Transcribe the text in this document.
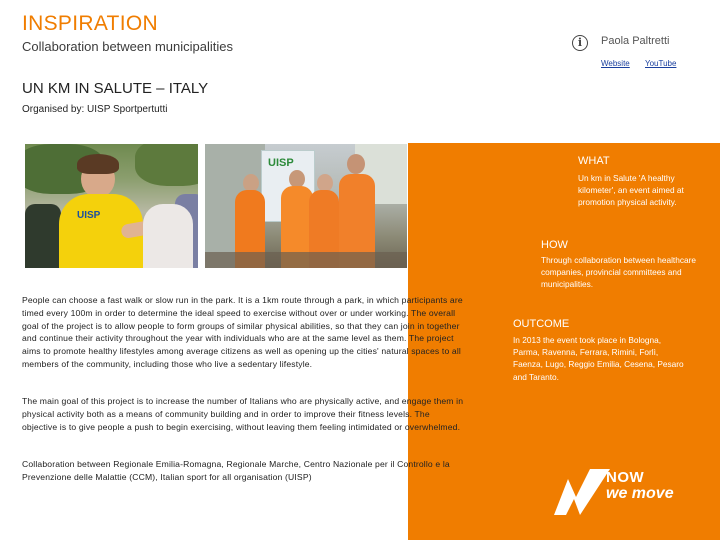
INSPIRATION
Collaboration between municipalities	i	Paola Paltretti
Website YouTube
UN KM IN SALUTE – ITALY
Organised by: UISP Sportpertutti
UISP
UISP	WHAT
Un km in Salute 'A healthy kilometer', an event aimed at promotion physical activity.
HOW
Through collaboration between healthcare companies, provincial committees and municipalities.
OUTCOME
In 2013 the event took place in Bologna, Parma, Ravenna, Ferrara, Rimini, Forlì, Faenza, Lugo, Reggio Emilia, Cesena, Pesaro and Taranto.
NOW
we move
People can choose a fast walk or slow run in the park. It is a 1km route through a park, in which participants are timed every 100m in order to determine the ideal speed to exercise without over or under working. The overall goal of the project is to allow people to form groups of similar physical abilities, so that they can join in together and continue their activity throughout the year with individuals who are at the same level as them. The project aims to promote healthy lifestyles among average citizens as well as opening up the cities' natural spaces to all members of the community, including those who live a sedentary lifestyle.
The main goal of this project is to increase the number of Italians who are physically active, and engage them in physical activity both as a means of community building and in order to improve their fitness levels. The objective is to give people a push to begin exercising, without leaving them feeling intimidated or overwhelmed.
Collaboration between Regionale Emilia-Romagna, Regionale Marche, Centro Nazionale per il Controllo e la Prevenzione delle Malattie (CCM), Italian sport for all organisation (UISP)
